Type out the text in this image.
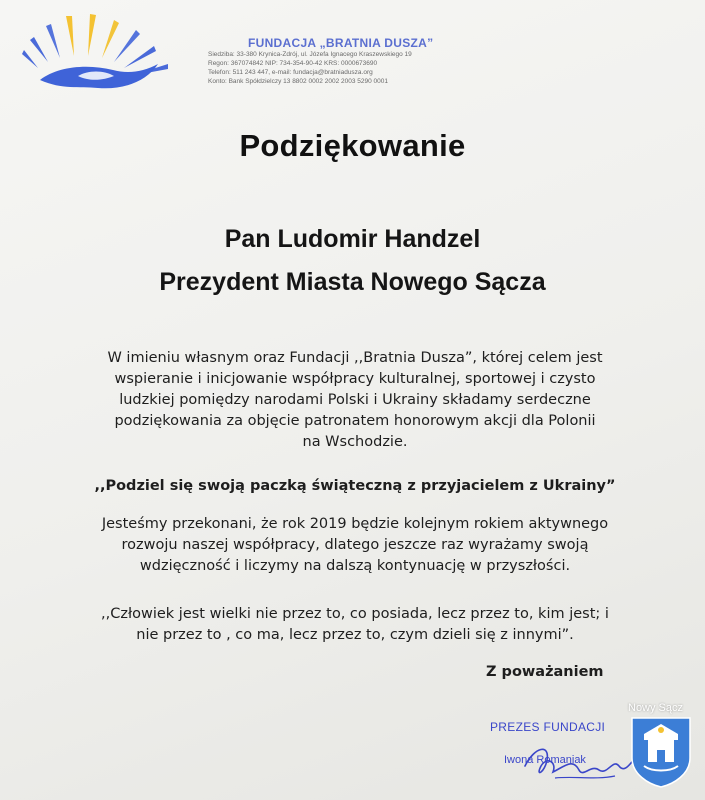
FUNDACJA „BRATNIA DUSZA”
Siedziba: 33-380 Krynica-Zdrój, ul. Józefa Ignacego Kraszewskiego 19
Regon: 367074842 NIP: 734-354-90-42 KRS: 0000673690
Telefon: 511 243 447, e-mail: fundacja@bratniadusza.org
Konto: Bank Spółdzielczy 13 8802 0002 2002 2003 5290 0001
Podziękowanie
Pan Ludomir Handzel
Prezydent Miasta Nowego Sącza
W imieniu własnym oraz Fundacji ,,Bratnia Dusza”, której celem jest
wspieranie i inicjowanie współpracy kulturalnej, sportowej i czysto
ludzkiej pomiędzy narodami Polski i Ukrainy składamy serdeczne
podziękowania za objęcie patronatem honorowym akcji dla Polonii
na Wschodzie.
,,Podziel się swoją paczką świąteczną z przyjacielem z Ukrainy”
Jesteśmy przekonani, że rok 2019 będzie kolejnym rokiem aktywnego
rozwoju naszej współpracy, dlatego jeszcze raz wyrażamy swoją
wdzięczność i liczymy na dalszą kontynuację w przyszłości.
,,Człowiek jest wielki nie przez to, co posiada, lecz przez to, kim jest; i
nie przez to , co ma, lecz przez to, czym dzieli się z innymi”.
Z poważaniem
PREZES FUNDACJI
Iwona Romaniak
Nowy Sącz
